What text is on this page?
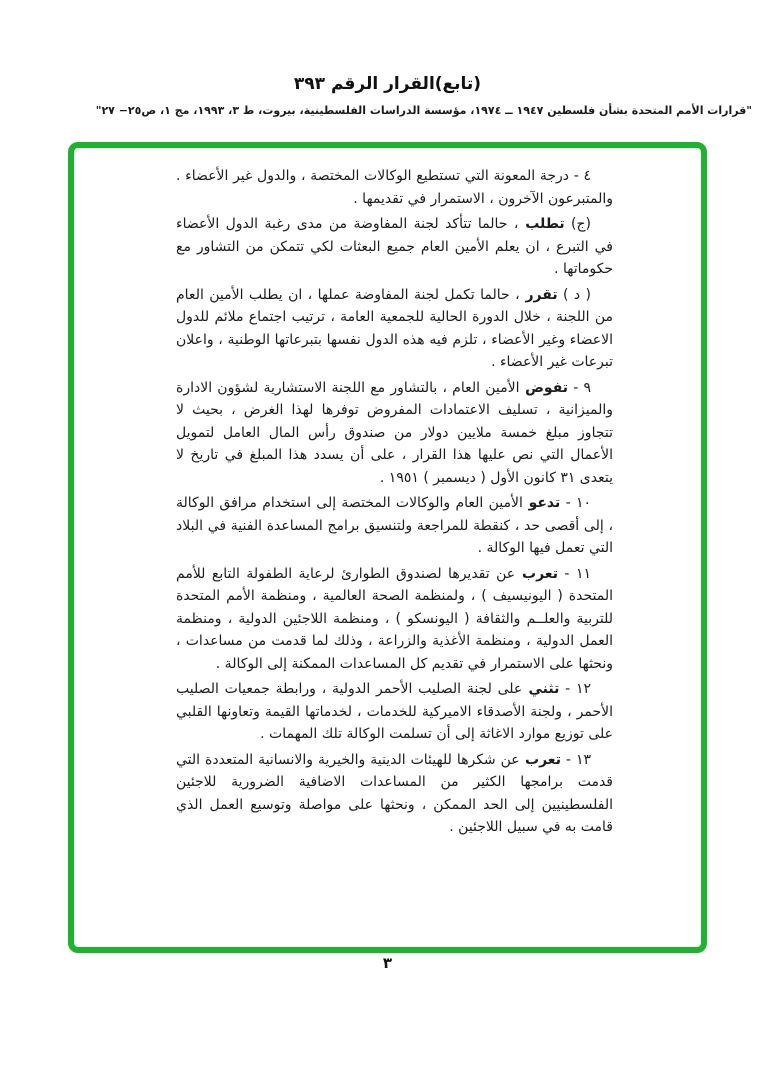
(تابع)القرار الرقم ٣٩٣
"قرارات الأمم المتحدة بشأن فلسطين ١٩٤٧ ــ ١٩٧٤، مؤسسة الدراسات الفلسطينية، بيروت، ط ٣، ١٩٩٣، مج ١، ص٢٥− ٢٧"

٤ - درجة المعونة التي تستطيع الوكالات المختصة ، والدول غير الأعضاء . والمتبرعون الآخرون ، الاستمرار في تقديمها .

(ج) تطلب ، حالما تتأكد لجنة المفاوضة من مدى رغبة الدول الأعضاء في التبرع ، ان يعلم الأمين العام جميع البعثات لكي تتمكن من التشاور مع حكوماتها .

( د ) تقرر ، حالما تكمل لجنة المفاوضة عملها ، ان يطلب الأمين العام من اللجنة ، خلال الدورة الحالية للجمعية العامة ، ترتيب اجتماع ملائم للدول الاعضاء وغير الأعضاء ، تلزم فيه هذه الدول نفسها بتبرعاتها الوطنية ، واعلان تبرعات غير الأعضاء .

٩ - تفوض الأمين العام ، بالتشاور مع اللجنة الاستشارية لشؤون الادارة والميزانية ، تسليف الاعتمادات المفروض توفرها لهذا الغرض ، بحيث لا تتجاوز مبلغ خمسة ملايين دولار من صندوق رأس المال العامل لتمويل الأعمال التي نص عليها هذا القرار ، على أن يسدد هذا المبلغ في تاريخ لا يتعدى ٣١ كانون الأول ( ديسمبر ) ١٩٥١ .

١٠ - تدعو الأمين العام والوكالات المختصة إلى استخدام مرافق الوكالة ، إلى أقصى حد ، كنقطة للمراجعة ولتنسيق برامج المساعدة الفنية في البلاد التي تعمل فيها الوكالة .

١١ - تعرب عن تقديرها لصندوق الطوارئ لرعاية الطفولة التابع للأمم المتحدة ( اليونيسيف ) ، ولمنظمة الصحة العالمية ، ومنظمة الأمم المتحدة للتربية والعلــم والثقافة ( اليونسكو ) ، ومنظمة اللاجئين الدولية ، ومنظمة العمل الدولية ، ومنظمة الأغذية والزراعة ، وذلك لما قدمت من مساعدات ، ونحثها على الاستمرار في تقديم كل المساعدات الممكنة إلى الوكالة .

١٢ - تثني على لجنة الصليب الأحمر الدولية ، ورابطة جمعيات الصليب الأحمر ، ولجنة الأصدقاء الاميركية للخدمات ، لخدماتها القيمة وتعاونها القلبي على توزيع موارد الاغاثة إلى أن تسلمت الوكالة تلك المهمات .

١٣ - تعرب عن شكرها للهيئات الدينية والخيرية والانسانية المتعددة التي قدمت برامجها الكثير من المساعدات الاضافية الضرورية للاجئين الفلسطينيين إلى الحد الممكن ، ونحثها على مواصلة وتوسيع العمل الذي قامت به في سبيل اللاجئين .

٣
